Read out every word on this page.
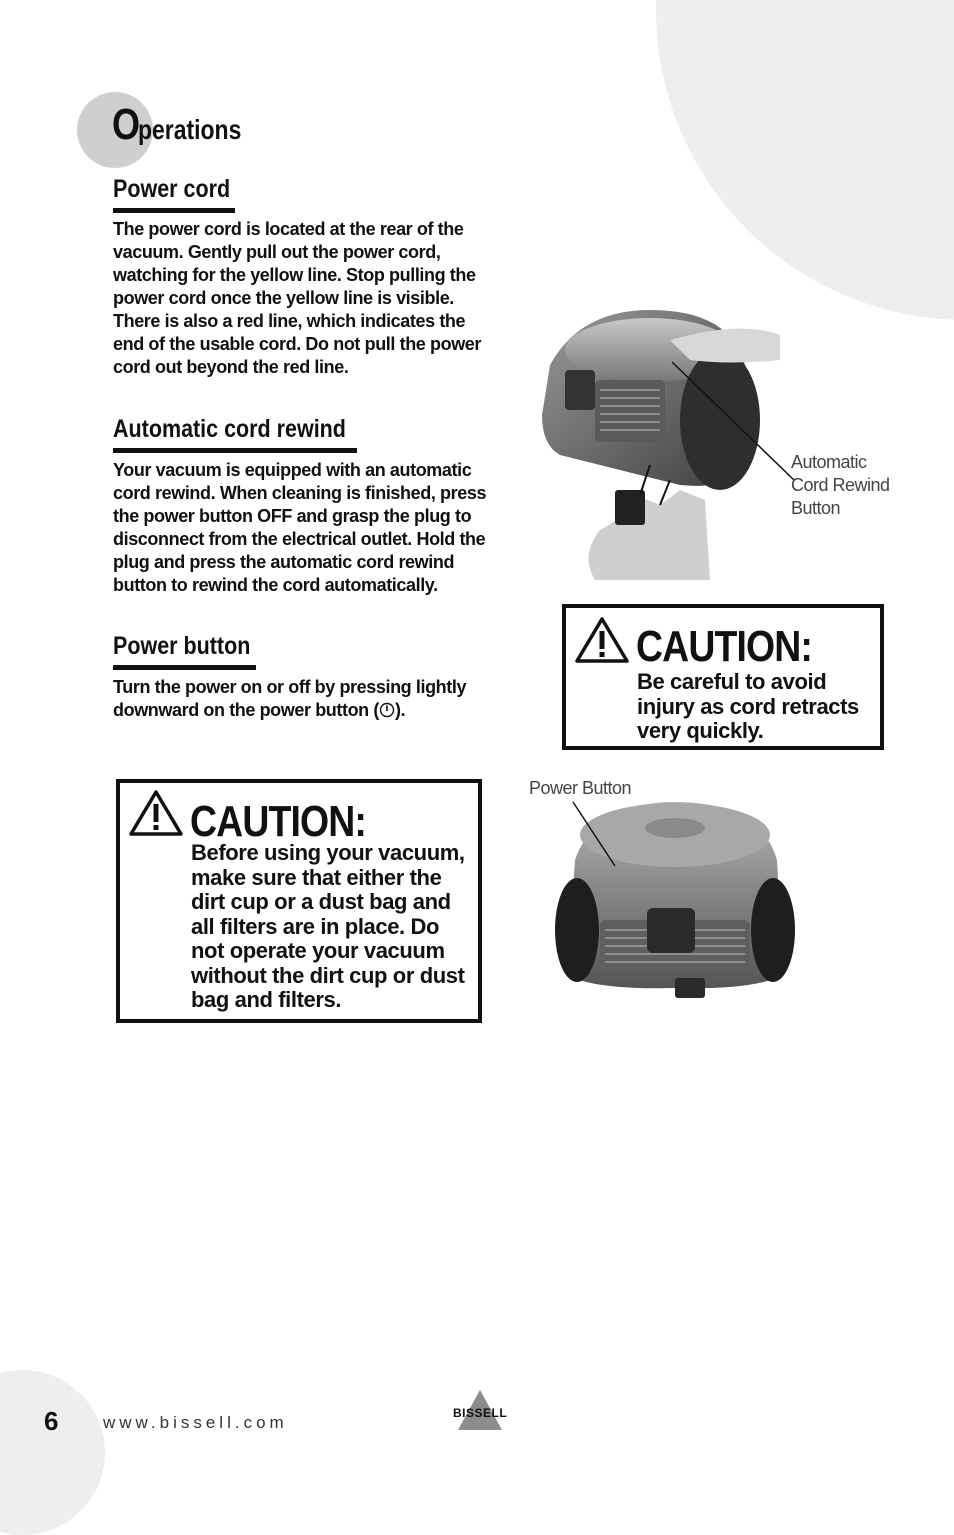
Operations
Power cord
The power cord is located at the rear of the
vacuum. Gently pull out the power cord,
watching for the yellow line. Stop pulling the
power cord once the yellow line is visible.
There is also a red line, which indicates the
end of the usable cord. Do not pull the power
cord out beyond the red line.
Automatic cord rewind
Your vacuum is equipped with an automatic
cord rewind. When cleaning is finished, press
the power button OFF and grasp the plug to
disconnect from the electrical outlet. Hold the
plug and press the automatic cord rewind
button to rewind the cord automatically.
Power button
Turn the power on or off by pressing lightly
downward on the power button ( ).
Automatic
Cord Rewind
Button
CAUTION:
Be careful to avoid
injury as cord retracts
very quickly.
CAUTION:
Before using your vacuum,
make sure that either the
dirt cup or a dust bag and
all filters are in place. Do
not operate your vacuum
without the dirt cup or dust
bag and filters.
Power Button
6	www.bissell.com	BISSELL
